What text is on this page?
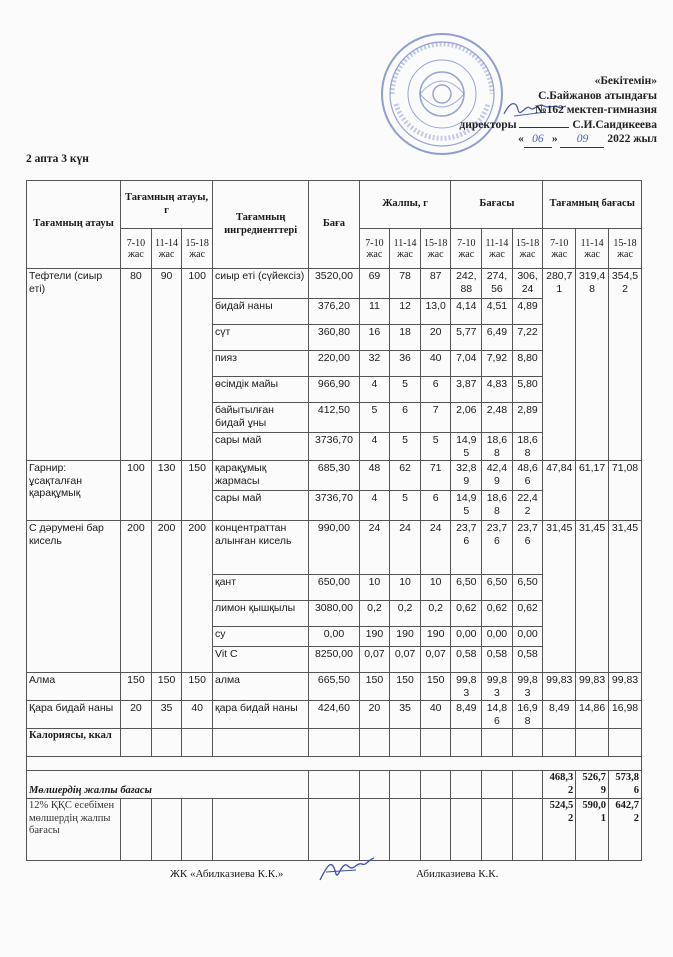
«Бекітемін»
С.Байжанов атындағы
№162 мектеп-гимназия
директоры	С.И.Саидикеева
« 06 » 09 2022 жыл
2 апта 3 күн
Тағамның атауы	Тағамның атауы, г			Тағамның ингредиенттері	Баға	Жалпы, г			Бағасы			Тағамның бағасы		
	7-10 жас	11-14 жас	15-18 жас			7-10 жас	11-14 жас	15-18 жас	7-10 жас	11-14 жас	15-18 жас	7-10 жас	11-14 жас	15-18 жас
Тефтели (сиыр еті)	80	90	100	сиыр еті (сүйексіз)	3520,00	69	78	87	242,88	274,56	306,24	280,71	319,48	354,52
				бидай наны	376,20	11	12	13,0	4,14	4,51	4,89			
				сүт	360,80	16	18	20	5,77	6,49	7,22			
				пияз	220,00	32	36	40	7,04	7,92	8,80			
				өсімдік майы	966,90	4	5	6	3,87	4,83	5,80			
				байытылған бидай ұны	412,50	5	6	7	2,06	2,48	2,89			
				сары май	3736,70	4	5	5	14,95	18,68	18,68			
Гарнир: ұсақталған қарақұмық	100	130	150	қарақұмық жармасы	685,30	48	62	71	32,89	42,49	48,66	47,84	61,17	71,08
				сары май	3736,70	4	5	6	14,95	18,68	22,42			
С дәрумені бар кисель	200	200	200	концентраттан алынған кисель	990,00	24	24	24	23,76	23,76	23,76	31,45	31,45	31,45
				қант	650,00	10	10	10	6,50	6,50	6,50			
				лимон қышқылы	3080,00	0,2	0,2	0,2	0,62	0,62	0,62			
				су	0,00	190	190	190	0,00	0,00	0,00			
				Vit C	8250,00	0,07	0,07	0,07	0,58	0,58	0,58			
Алма	150	150	150	алма	665,50	150	150	150	99,83	99,83	99,83	99,83	99,83	99,83
Қара бидай наны	20	35	40	қара бидай наны	424,60	20	35	40	8,49	14,86	16,98	8,49	14,86	16,98
Калориясы, ккал														

Мөлшердің жалпы бағасы												468,32	526,79	573,86
12% ҚҚС есебімен мөлшердің жалпы бағасы												524,52	590,01	642,72
ЖК «Абилказиева К.К.»	Абилказиева К.К.
